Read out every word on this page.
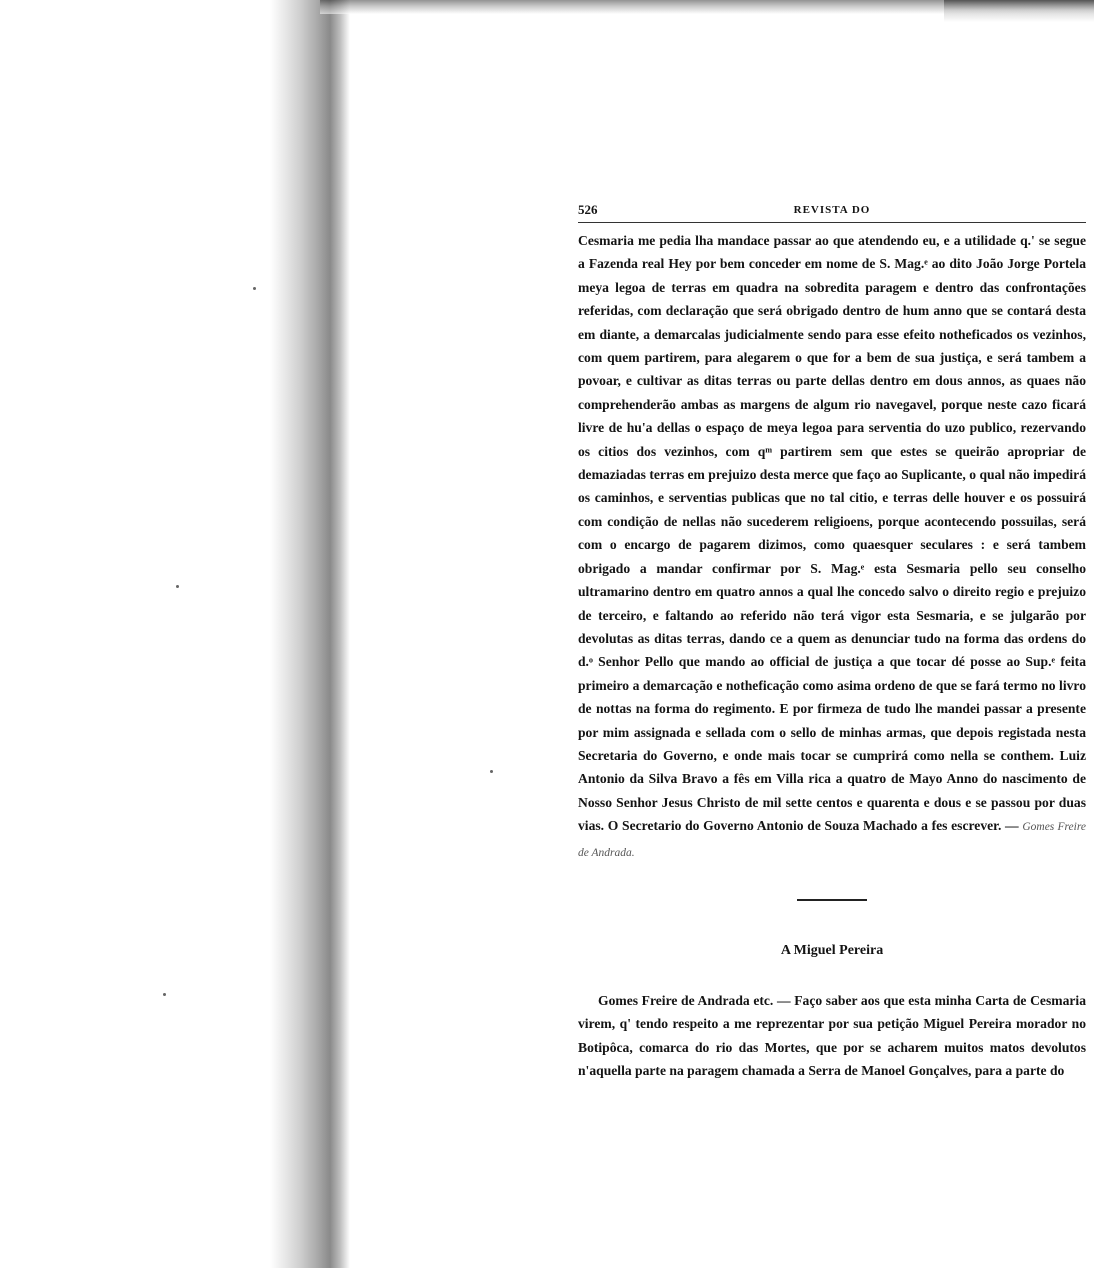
526	REVISTA DO
Cesmaria me pedia lha mandace passar ao que atendendo eu, e a utilidade q.' se segue a Fazenda real Hey por bem conceder em nome de S. Mag.ᵉ ao dito João Jorge Portela meya legoa de terras em quadra na sobredita paragem e dentro das confrontações referidas, com declaração que será obrigado dentro de hum anno que se contará desta em diante, a demarcalas judicialmente sendo para esse efeito notheficados os vezinhos, com quem partirem, para alegarem o que for a bem de sua justiça, e será tambem a povoar, e cultivar as ditas terras ou parte dellas dentro em dous annos, as quaes não comprehenderão ambas as margens de algum rio navegavel, porque neste cazo ficará livre de hu'a dellas o espaço de meya legoa para serventia do uzo publico, rezervando os citios dos vezinhos, com qᵐ partirem sem que estes se queirão apropriar de demaziadas terras em prejuizo desta merce que faço ao Suplicante, o qual não impedirá os caminhos, e serventias publicas que no tal citio, e terras delle houver e os possuirá com condição de nellas não sucederem religioens, porque acontecendo possuilas, será com o encargo de pagarem dizimos, como quaesquer seculares : e será tambem obrigado a mandar confirmar por S. Mag.ᵉ esta Sesmaria pello seu conselho ultramarino dentro em quatro annos a qual lhe concedo salvo o direito regio e prejuizo de terceiro, e faltando ao referido não terá vigor esta Sesmaria, e se julgarão por devolutas as ditas terras, dando ce a quem as denunciar tudo na forma das ordens do d.ᵒ Senhor Pello que mando ao official de justiça a que tocar dé posse ao Sup.ᵉ feita primeiro a demarcação e notheficação como asima ordeno de que se fará termo no livro de nottas na forma do regimento. E por firmeza de tudo lhe mandei passar a presente por mim assignada e sellada com o sello de minhas armas, que depois registada nesta Secretaria do Governo, e onde mais tocar se cumprirá como nella se conthem. Luiz Antonio da Silva Bravo a fês em Villa rica a quatro de Mayo Anno do nascimento de Nosso Senhor Jesus Christo de mil sette centos e quarenta e dous e se passou por duas vias. O Secretario do Governo Antonio de Souza Machado a fes escrever. — Gomes Freire de Andrada.
A Miguel Pereira
Gomes Freire de Andrada etc. — Faço saber aos que esta minha Carta de Cesmaria virem, q' tendo respeito a me reprezentar por sua petição Miguel Pereira morador no Botipôca, comarca do rio das Mortes, que por se acharem muitos matos devolutos n'aquella parte na paragem chamada a Serra de Manoel Gonçalves, para a parte do
